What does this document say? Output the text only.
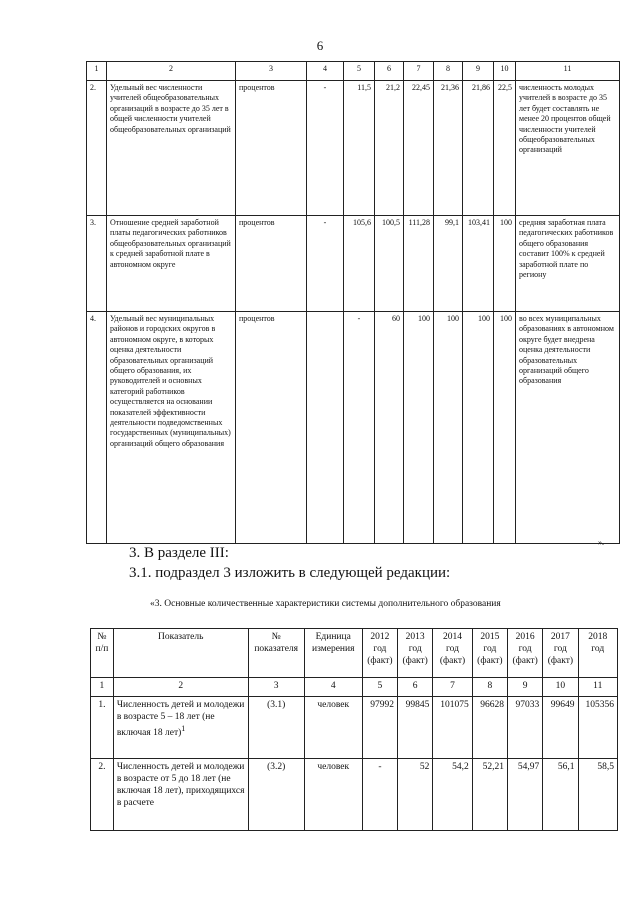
6
1	2	3	4	5	6	7	8	9	10	11
2.	Удельный вес численности учителей общеобразовательных организаций в возрасте до 35 лет в общей численности учителей общеобразовательных организаций	процентов	-	11,5	21,2	22,45	21,36	21,86	22,5	численность молодых учителей в возрасте до 35 лет будет составлять не менее 20 процентов общей численности учителей общеобразовательных организаций
3.	Отношение средней заработной платы педагогических работников общеобразовательных организаций к средней заработной плате в автономном округе	процентов	-	105,6	100,5	111,28	99,1	103,41	100	средняя заработная плата педагогических работников общего образования составит 100% к средней заработной плате по региону
4.	Удельный вес муниципальных районов и городских округов в автономном округе, в которых оценка деятельности образовательных организаций общего образования, их руководителей и основных категорий работников осуществляется на основании показателей эффективности деятельности подведомственных государственных (муниципальных) организаций общего образования	процентов		-	60	100	100	100	100	во всех муниципальных образованиях в автономном округе будет внедрена оценка деятельности образовательных организаций общего образования
».
3. В разделе III:
3.1. подраздел 3 изложить в следующей редакции:
«3. Основные количественные характеристики системы дополнительного образования
№ п/п	Показатель	№ показателя	Единица измерения	2012 год (факт)	2013 год (факт)	2014 год (факт)	2015 год (факт)	2016 год (факт)	2017 год (факт)	2018 год
1	2	3	4	5	6	7	8	9	10	11
1.	Численность детей и молодежи в возрасте 5 – 18 лет (не включая 18 лет)$^1$	(3.1)	человек	97992	99845	101075	96628	97033	99649	105356
2.	Численность детей и молодежи в возрасте от 5 до 18 лет (не включая 18 лет), приходящихся в расчете	(3.2)	человек	-	52	54,2	52,21	54,97	56,1	58,5
